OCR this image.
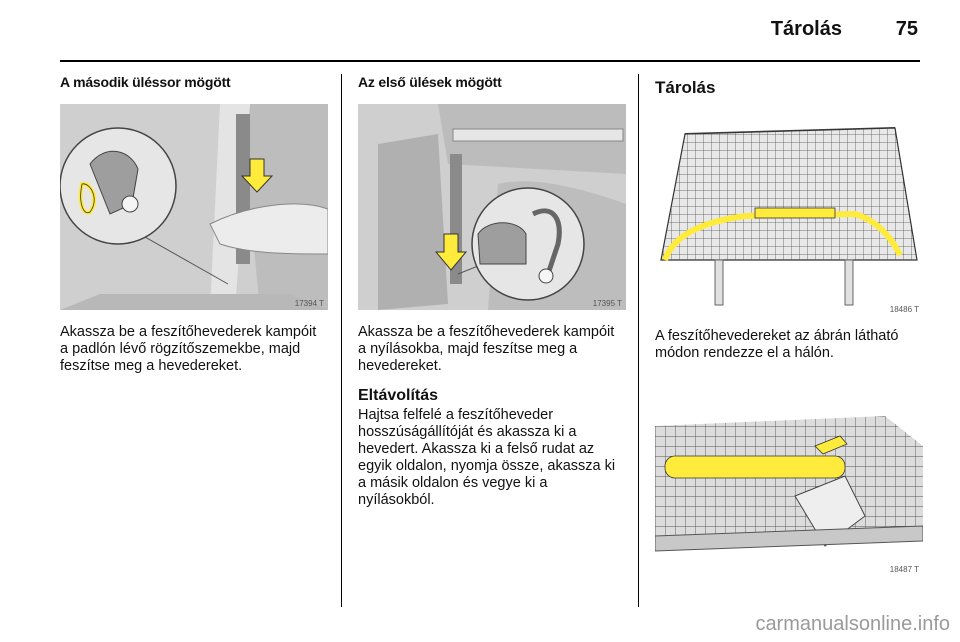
Tárolás	75
A második üléssor mögött
17394 T

Akassza be a feszítőhevederek kampóit a padlón lévő rögzítőszemekbe, majd feszítse meg a hevedereket.

Az első ülések mögött
17395 T

Akassza be a feszítőhevederek kampóit a nyílásokba, majd feszítse meg a hevedereket.

Eltávolítás

Hajtsa felfelé a feszítőheveder hosszúságállítóját és akassza ki a hevedert. Akassza ki a felső rudat az egyik oldalon, nyomja össze, akassza ki a másik oldalon és vegye ki a nyílásokból.

Tárolás
18486 T

A feszítőhevedereket az ábrán látható módon rendezze el a hálón.

18487 T
carmanualsonline.info
